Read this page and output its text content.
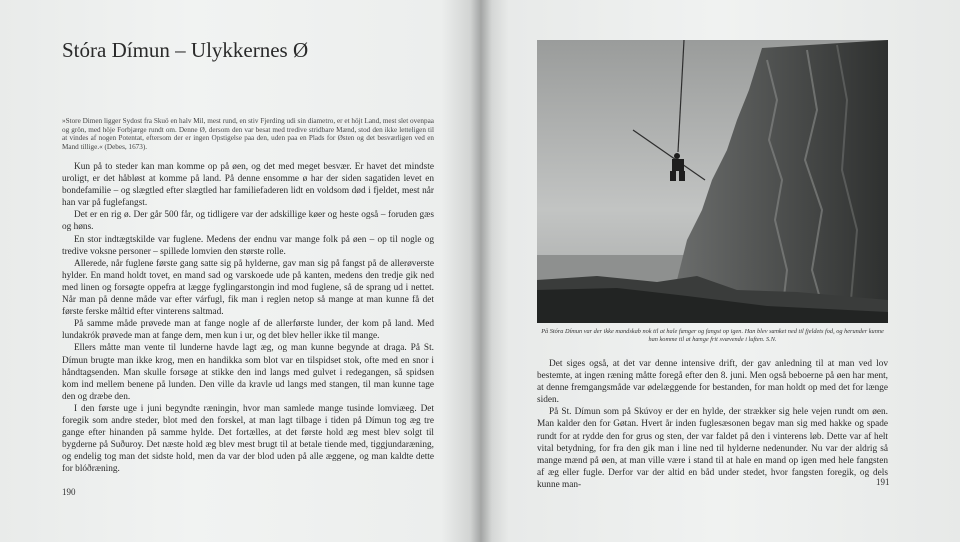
Stóra Dímun – Ulykkernes Ø
»Store Dimen ligger Sydost fra Skuö en halv Mil, mest rund, en stiv Fjerding udi sin diametro, er et höjt Land, mest slet ovenpaa og grön, med höje Forbjærge rundt om. Denne Ø, dersom den var besat med tredive stridbare Mænd, stod den ikke letteligen til at vindes af nogen Potentat, eftersom der er ingen Opstigelse paa den, uden paa en Plads for Østen og det besværligen ved en Mand tillige.« (Debes, 1673).

Kun på to steder kan man komme op på øen, og det med meget besvær. Er havet det mindste uroligt, er det håbløst at komme på land. På denne ensomme ø har der siden sagatiden levet en bondefamilie – og slægtled efter slægtled har familiefaderen lidt en voldsom død i fjeldet, mest når han var på fuglefangst.

Det er en rig ø. Der går 500 får, og tidligere var der adskillige køer og heste også – foruden gæs og høns.

En stor indtægtskilde var fuglene. Medens der endnu var mange folk på øen – op til nogle og tredive voksne personer – spillede lomvien den største rolle.

Allerede, når fuglene første gang satte sig på hylderne, gav man sig på fangst på de allerøverste hylder. En mand holdt tovet, en mand sad og varskoede ude på kanten, medens den tredje gik ned med linen og forsøgte oppefra at lægge fyglingarstongin ind mod fuglene, så de sprang ud i nettet. Når man på denne måde var efter várfugl, fik man i reglen netop så mange at man kunne få det første ferske måltid efter vinterens saltmad.

På samme måde prøvede man at fange nogle af de allerførste lunder, der kom på land. Med lundakrók prøvede man at fange dem, men kun i ur, og det blev heller ikke til mange.

Ellers måtte man vente til lunderne havde lagt æg, og man kunne begynde at draga. På St. Dímun brugte man ikke krog, men en handikka som blot var en tilspidset stok, ofte med en snor i håndtagsenden. Man skulle forsøge at stikke den ind langs med gulvet i redegangen, så spidsen kom ind mellem benene på lunden. Den ville da kravle ud langs med stangen, til man kunne tage den og dræbe den.

I den første uge i juni begyndte ræningin, hvor man samlede mange tusinde lomviæeg. Det foregik som andre steder, blot med den forskel, at man lagt tilbage i tiden på Dímun tog æg tre gange efter hinanden på samme hylde. Det fortælles, at det første hold æg mest blev solgt til bygderne på Suðuroy. Det næste hold æg blev mest brugt til at betale tiende med, tiggjundaræning, og endelig tog man det sidste hold, men da var der blod uden på alle æggene, og man kaldte dette for blóðræning.

190
På Stóra Dímun var der ikke mandskab nok til at hale fænger og fangst op igen. Han blev sænket ned til fjeldets fod, og herunder kunne han komme til at hænge frit svævende i luften. S.N.

Det siges også, at det var denne intensive drift, der gav anledning til at man ved lov bestemte, at ingen ræning måtte foregå efter den 8. juni. Men også beboerne på øen har ment, at denne fremgangsmåde var ødelæggende for bestanden, for man holdt op med det for længe siden.

På St. Dímun som på Skúvoy er der en hylde, der strækker sig hele vejen rundt om øen. Man kalder den for Gøtan. Hvert år inden fuglesæsonen begav man sig med hakke og spade rundt for at rydde den for grus og sten, der var faldet på den i vinterens løb. Dette var af helt vital betydning, for fra den gik man i line ned til hylderne nedenunder. Nu var der aldrig så mange mænd på øen, at man ville være i stand til at hale en mand op igen med hele fangsten af æg eller fugle. Derfor var der altid en båd under stedet, hvor fangsten foregik, og dels kunne man-	191
